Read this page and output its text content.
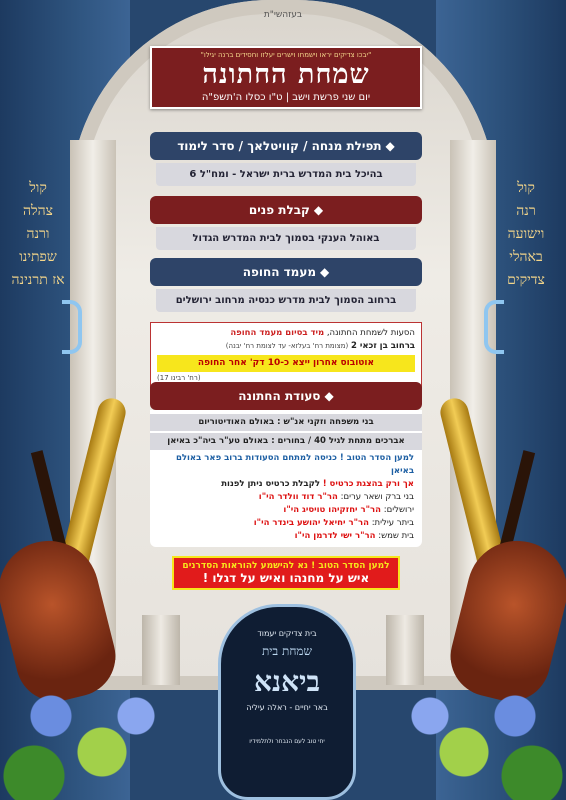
בעזהשי"ת
קול
צהלה
ורנה
שפתינו
אז תרנינה
קול
רנה
וישועה
באהלי
צדיקים
"יבכו צדיקים יראו וישמחו וישרים יעלזו וחסידים ברנה יגילו"
שמחת החתונה
יום שני פרשת וישב | ט"ו כסלו ה'תשפ"ה
◆תפילת מנחה / קוויטלאך / סדר לימוד
בהיכל בית המדרש ברית ישראל - ומח"ל 6
◆קבלת פנים
באוהל הענקי בסמוך לבית המדרש הגדול
◆מעמד החופה
ברחוב הסמוך לבית מדרש כנסיה מרחוב ירושלים
הסעות לשמחת החתונה, מיד בסיום מעמד החופה
ברחוב בן זכאי 2 (מצומת רח' בעלזא- עד לצומת רח' יבנה)
אוטובוס אחרון ייצא כ-10 דק' אחר החופה
(רח' רבינו 17)
◆סעודת החתונה
בני משפחה וזקני אנ"ש : באולם האודיטוריום
אברכים מתחת לגיל 40 / בחורים : באולם טע"ר ביה"כ באיאן
למען הסדר הטוב ! כניסה למתחם הסעודות ברוב פאר באולם באיאן
אך ורק בהצגת כרטיס ! לקבלת כרטיס ניתן לפנות
בני ברק ושאר ערים: הר"ר דוד וולדר הי"ו
ירושלים: הר"ר יחזקיהו טויסיג הי"ו
ביתר עילית: הר"ר יחיאל יהושע בינדר הי"ו
בית שמש: הר"ר ישי לדרמן הי"ו
למען הסדר הטוב ! נא להישמע להוראות הסדרנים
איש על מחנהו ואיש על דגלו !
בית צדיקים יעמוד
שמחת בית
ביאנא
באר יחיים - ראלה עיליה
יחי טוב לעם הנבחר ולתלמידיו
